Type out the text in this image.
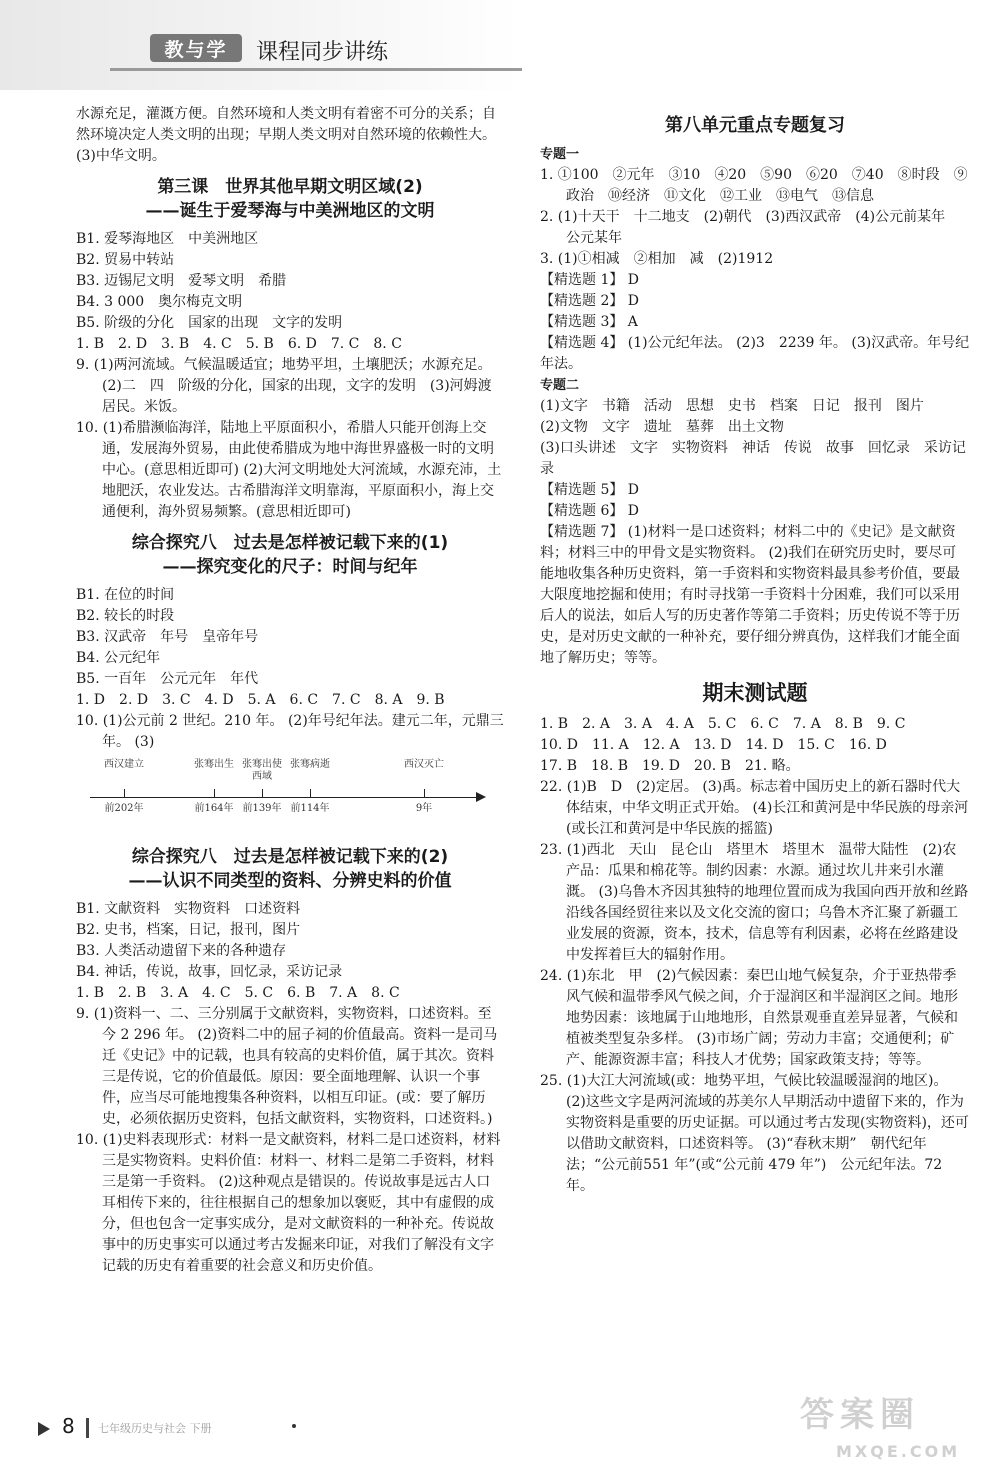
教与学	课程同步讲练

水源充足，灌溉方便。自然环境和人类文明有着密不可分的关系；自然环境决定人类文明的出现；早期人类文明对自然环境的依赖性大。 (3)中华文明。

第三课　世界其他早期文明区域(2)
——诞生于爱琴海与中美洲地区的文明

B1. 爱琴海地区　中美洲地区

B2. 贸易中转站

B3. 迈锡尼文明　爱琴文明　希腊

B4. 3 000　奥尔梅克文明

B5. 阶级的分化　国家的出现　文字的发明

1. B　2. D　3. B　4. C　5. B　6. D　7. C　8. C

9. (1)两河流域。气候温暖适宜；地势平坦，土壤肥沃；水源充足。 (2)二　四　阶级的分化，国家的出现，文字的发明　(3)河姆渡居民。米饭。

10. (1)希腊濒临海洋，陆地上平原面积小，希腊人只能开创海上交通，发展海外贸易，由此使希腊成为地中海世界盛极一时的文明中心。(意思相近即可) (2)大河文明地处大河流域，水源充沛，土地肥沃，农业发达。古希腊海洋文明靠海，平原面积小，海上交通便利，海外贸易频繁。(意思相近即可)

综合探究八　过去是怎样被记载下来的(1)
——探究变化的尺子：时间与纪年

B1. 在位的时间

B2. 较长的时段

B3. 汉武帝　年号　皇帝年号

B4. 公元纪年

B5. 一百年　公元元年　年代

1. D　2. D　3. C　4. D　5. A　6. C　7. C　8. A　9. B

10. (1)公元前 2 世纪。210 年。 (2)年号纪年法。建元二年，元鼎三年。 (3)

西汉建立
前202年
张骞出生
前164年
张骞出使西域
前139年
张骞病逝
前114年
西汉灭亡
9年
综合探究八　过去是怎样被记载下来的(2)
——认识不同类型的资料、分辨史料的价值

B1. 文献资料　实物资料　口述资料

B2. 史书，档案，日记，报刊，图片

B3. 人类活动遗留下来的各种遗存

B4. 神话，传说，故事，回忆录，采访记录

1. B　2. B　3. A　4. C　5. C　6. B　7. A　8. C

9. (1)资料一、二、三分别属于文献资料，实物资料，口述资料。至今 2 296 年。 (2)资料二中的屈子祠的价值最高。资料一是司马迁《史记》中的记载，也具有较高的史料价值，属于其次。资料三是传说，它的价值最低。原因：要全面地理解、认识一个事件，应当尽可能地搜集各种资料，以相互印证。(或：要了解历史，必须依据历史资料，包括文献资料，实物资料，口述资料。)

10. (1)史料表现形式：材料一是文献资料，材料二是口述资料，材料三是实物资料。史料价值：材料一、材料二是第二手资料，材料三是第一手资料。 (2)这种观点是错误的。传说故事是远古人口耳相传下来的，往往根据自己的想象加以褒贬，其中有虚假的成分，但也包含一定事实成分，是对文献资料的一种补充。传说故事中的历史事实可以通过考古发掘来印证，对我们了解没有文字记载的历史有着重要的社会意义和历史价值。

第八单元重点专题复习
专题一

1. ①100　②元年　③10　④20　⑤90　⑥20　⑦40　⑧时段　⑨政治　⑩经济　⑪文化　⑫工业　⑬电气　⑬信息

2. (1)十天干　十二地支　(2)朝代　(3)西汉武帝　(4)公元前某年　公元某年

3. (1)①相减　②相加　减　(2)1912

【精选题 1】 D

【精选题 2】 D

【精选题 3】 A

【精选题 4】 (1)公元纪年法。 (2)3　2239 年。 (3)汉武帝。年号纪年法。

专题二

(1)文字　书籍　活动　思想　史书　档案　日记　报刊　图片

(2)文物　文字　遗址　墓葬　出土文物

(3)口头讲述　文字　实物资料　神话　传说　故事　回忆录　采访记录

【精选题 5】 D

【精选题 6】 D

【精选题 7】 (1)材料一是口述资料；材料二中的《史记》是文献资料；材料三中的甲骨文是实物资料。 (2)我们在研究历史时，要尽可能地收集各种历史资料，第一手资料和实物资料最具参考价值，要最大限度地挖掘和使用；有时寻找第一手资料十分困难，我们可以采用后人的说法，如后人写的历史著作等第二手资料；历史传说不等于历史，是对历史文献的一种补充，要仔细分辨真伪，这样我们才能全面地了解历史；等等。

期末测试题

1. B　2. A　3. A　4. A　5. C　6. C　7. A　8. B　9. C

10. D　11. A　12. A　13. D　14. D　15. C　16. D

17. B　18. B　19. D　20. B　21. 略。

22. (1)B　D　(2)定居。 (3)禹。标志着中国历史上的新石器时代大体结束，中华文明正式开始。 (4)长江和黄河是中华民族的母亲河(或长江和黄河是中华民族的摇篮)

23. (1)西北　天山　昆仑山　塔里木　塔里木　温带大陆性　(2)农产品：瓜果和棉花等。制约因素：水源。通过坎儿井来引水灌溉。 (3)乌鲁木齐因其独特的地理位置而成为我国向西开放和丝路沿线各国经贸往来以及文化交流的窗口；乌鲁木齐汇聚了新疆工业发展的资源，资本，技术，信息等有利因素，必将在丝路建设中发挥着巨大的辐射作用。

24. (1)东北　甲　(2)气候因素：秦巴山地气候复杂，介于亚热带季风气候和温带季风气候之间，介于湿润区和半湿润区之间。地形地势因素：该地属于山地地形，自然景观垂直差异显著，气候和植被类型复杂多样。 (3)市场广阔；劳动力丰富；交通便利；矿产、能源资源丰富；科技人才优势；国家政策支持；等等。

25. (1)大江大河流域(或：地势平坦，气候比较温暖湿润的地区)。 (2)这些文字是两河流域的苏美尔人早期活动中遗留下来的，作为实物资料是重要的历史证据。可以通过考古发现(实物资料)，还可以借助文献资料，口述资料等。 (3)“春秋末期”　朝代纪年法；“公元前551 年”(或“公元前 479 年”)　公元纪年法。72 年。

8 七年级历史与社会 下册	答案圈
MXQE.COM
